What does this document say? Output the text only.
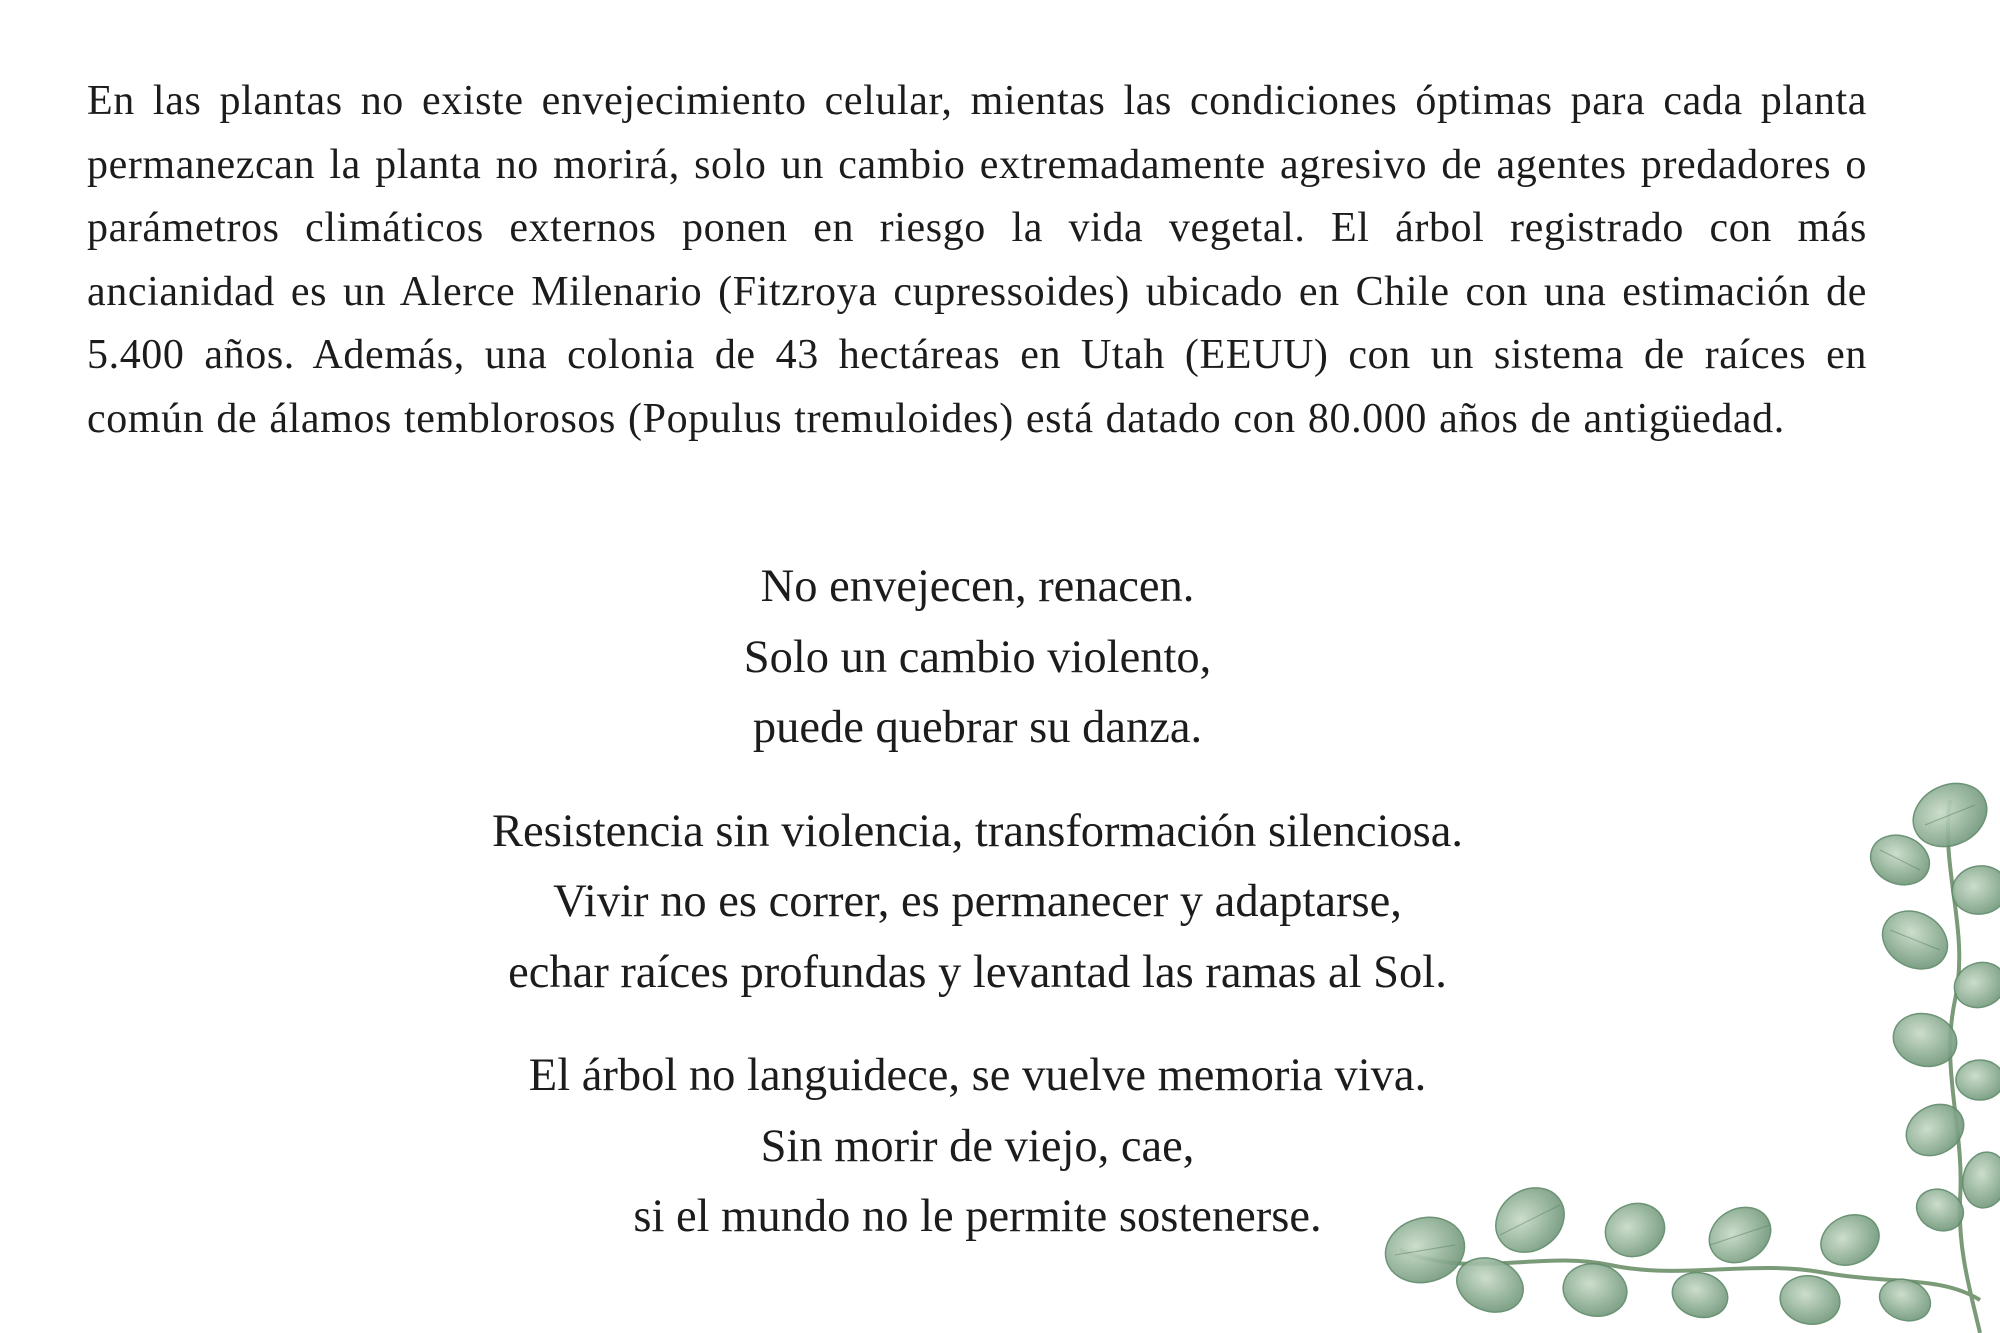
En las plantas no existe envejecimiento celular, mientas las condiciones óptimas para cada planta permanezcan la planta no morirá, solo un cambio extremadamente agresivo de agentes predadores o parámetros climáticos externos ponen en riesgo la vida vegetal. El árbol registrado con más ancianidad es un Alerce Milenario (Fitzroya cupressoides) ubicado en Chile con una estimación de 5.400 años. Además, una colonia de 43 hectáreas en Utah (EEUU) con un sistema de raíces en común de álamos temblorosos (Populus tremuloides) está datado con 80.000 años de antigüedad.

No envejecen, renacen.
Solo un cambio violento,
puede quebrar su danza.
Resistencia sin violencia, transformación silenciosa.
Vivir no es correr, es permanecer y adaptarse,
echar raíces profundas y levantad las ramas al Sol.
El árbol no languidece, se vuelve memoria viva.
Sin morir de viejo, cae,
si el mundo no le permite sostenerse.
